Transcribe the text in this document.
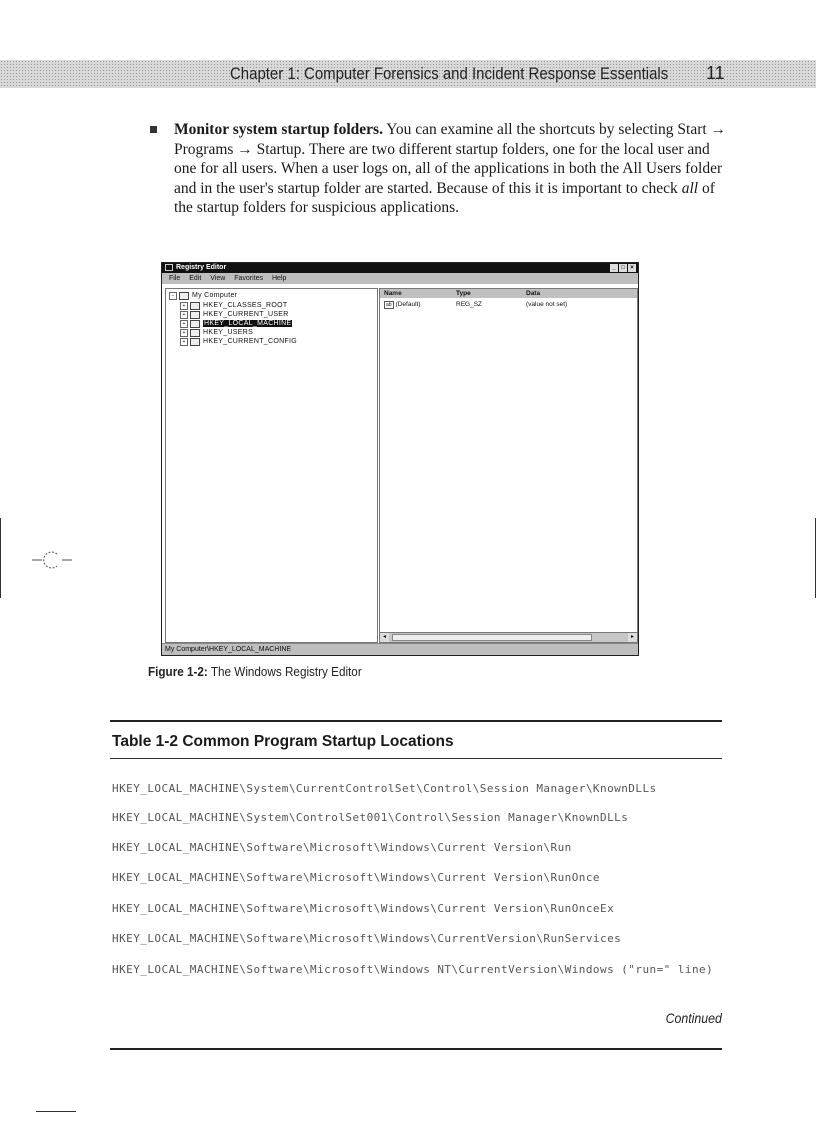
Chapter 1: Computer Forensics and Incident Response Essentials 11
Monitor system startup folders. You can examine all the shortcuts by selecting Start → Programs → Startup. There are two different startup folders, one for the local user and one for all users. When a user logs on, all of the applications in both the All Users folder and in the user's startup folder are started. Because of this it is important to check all of the startup folders for suspicious applications.
Registry Editor	_ □ ×
File Edit View Favorites Help
−	My Computer
+	HKEY_CLASSES_ROOT
+	HKEY_CURRENT_USER
+	HKEY_LOCAL_MACHINE
+	HKEY_USERS
+	HKEY_CURRENT_CONFIG
Name	Type	Data
ab (Default)	REG_SZ	(value not set)
◂	▸
My Computer\HKEY_LOCAL_MACHINE
Figure 1-2: The Windows Registry Editor
Table 1-2 Common Program Startup Locations
HKEY_LOCAL_MACHINE\System\CurrentControlSet\Control\Session Manager\KnownDLLs
HKEY_LOCAL_MACHINE\System\ControlSet001\Control\Session Manager\KnownDLLs
HKEY_LOCAL_MACHINE\Software\Microsoft\Windows\Current Version\Run
HKEY_LOCAL_MACHINE\Software\Microsoft\Windows\Current Version\RunOnce
HKEY_LOCAL_MACHINE\Software\Microsoft\Windows\Current Version\RunOnceEx
HKEY_LOCAL_MACHINE\Software\Microsoft\Windows\CurrentVersion\RunServices
HKEY_LOCAL_MACHINE\Software\Microsoft\Windows NT\CurrentVersion\Windows ("run=" line)
Continued
